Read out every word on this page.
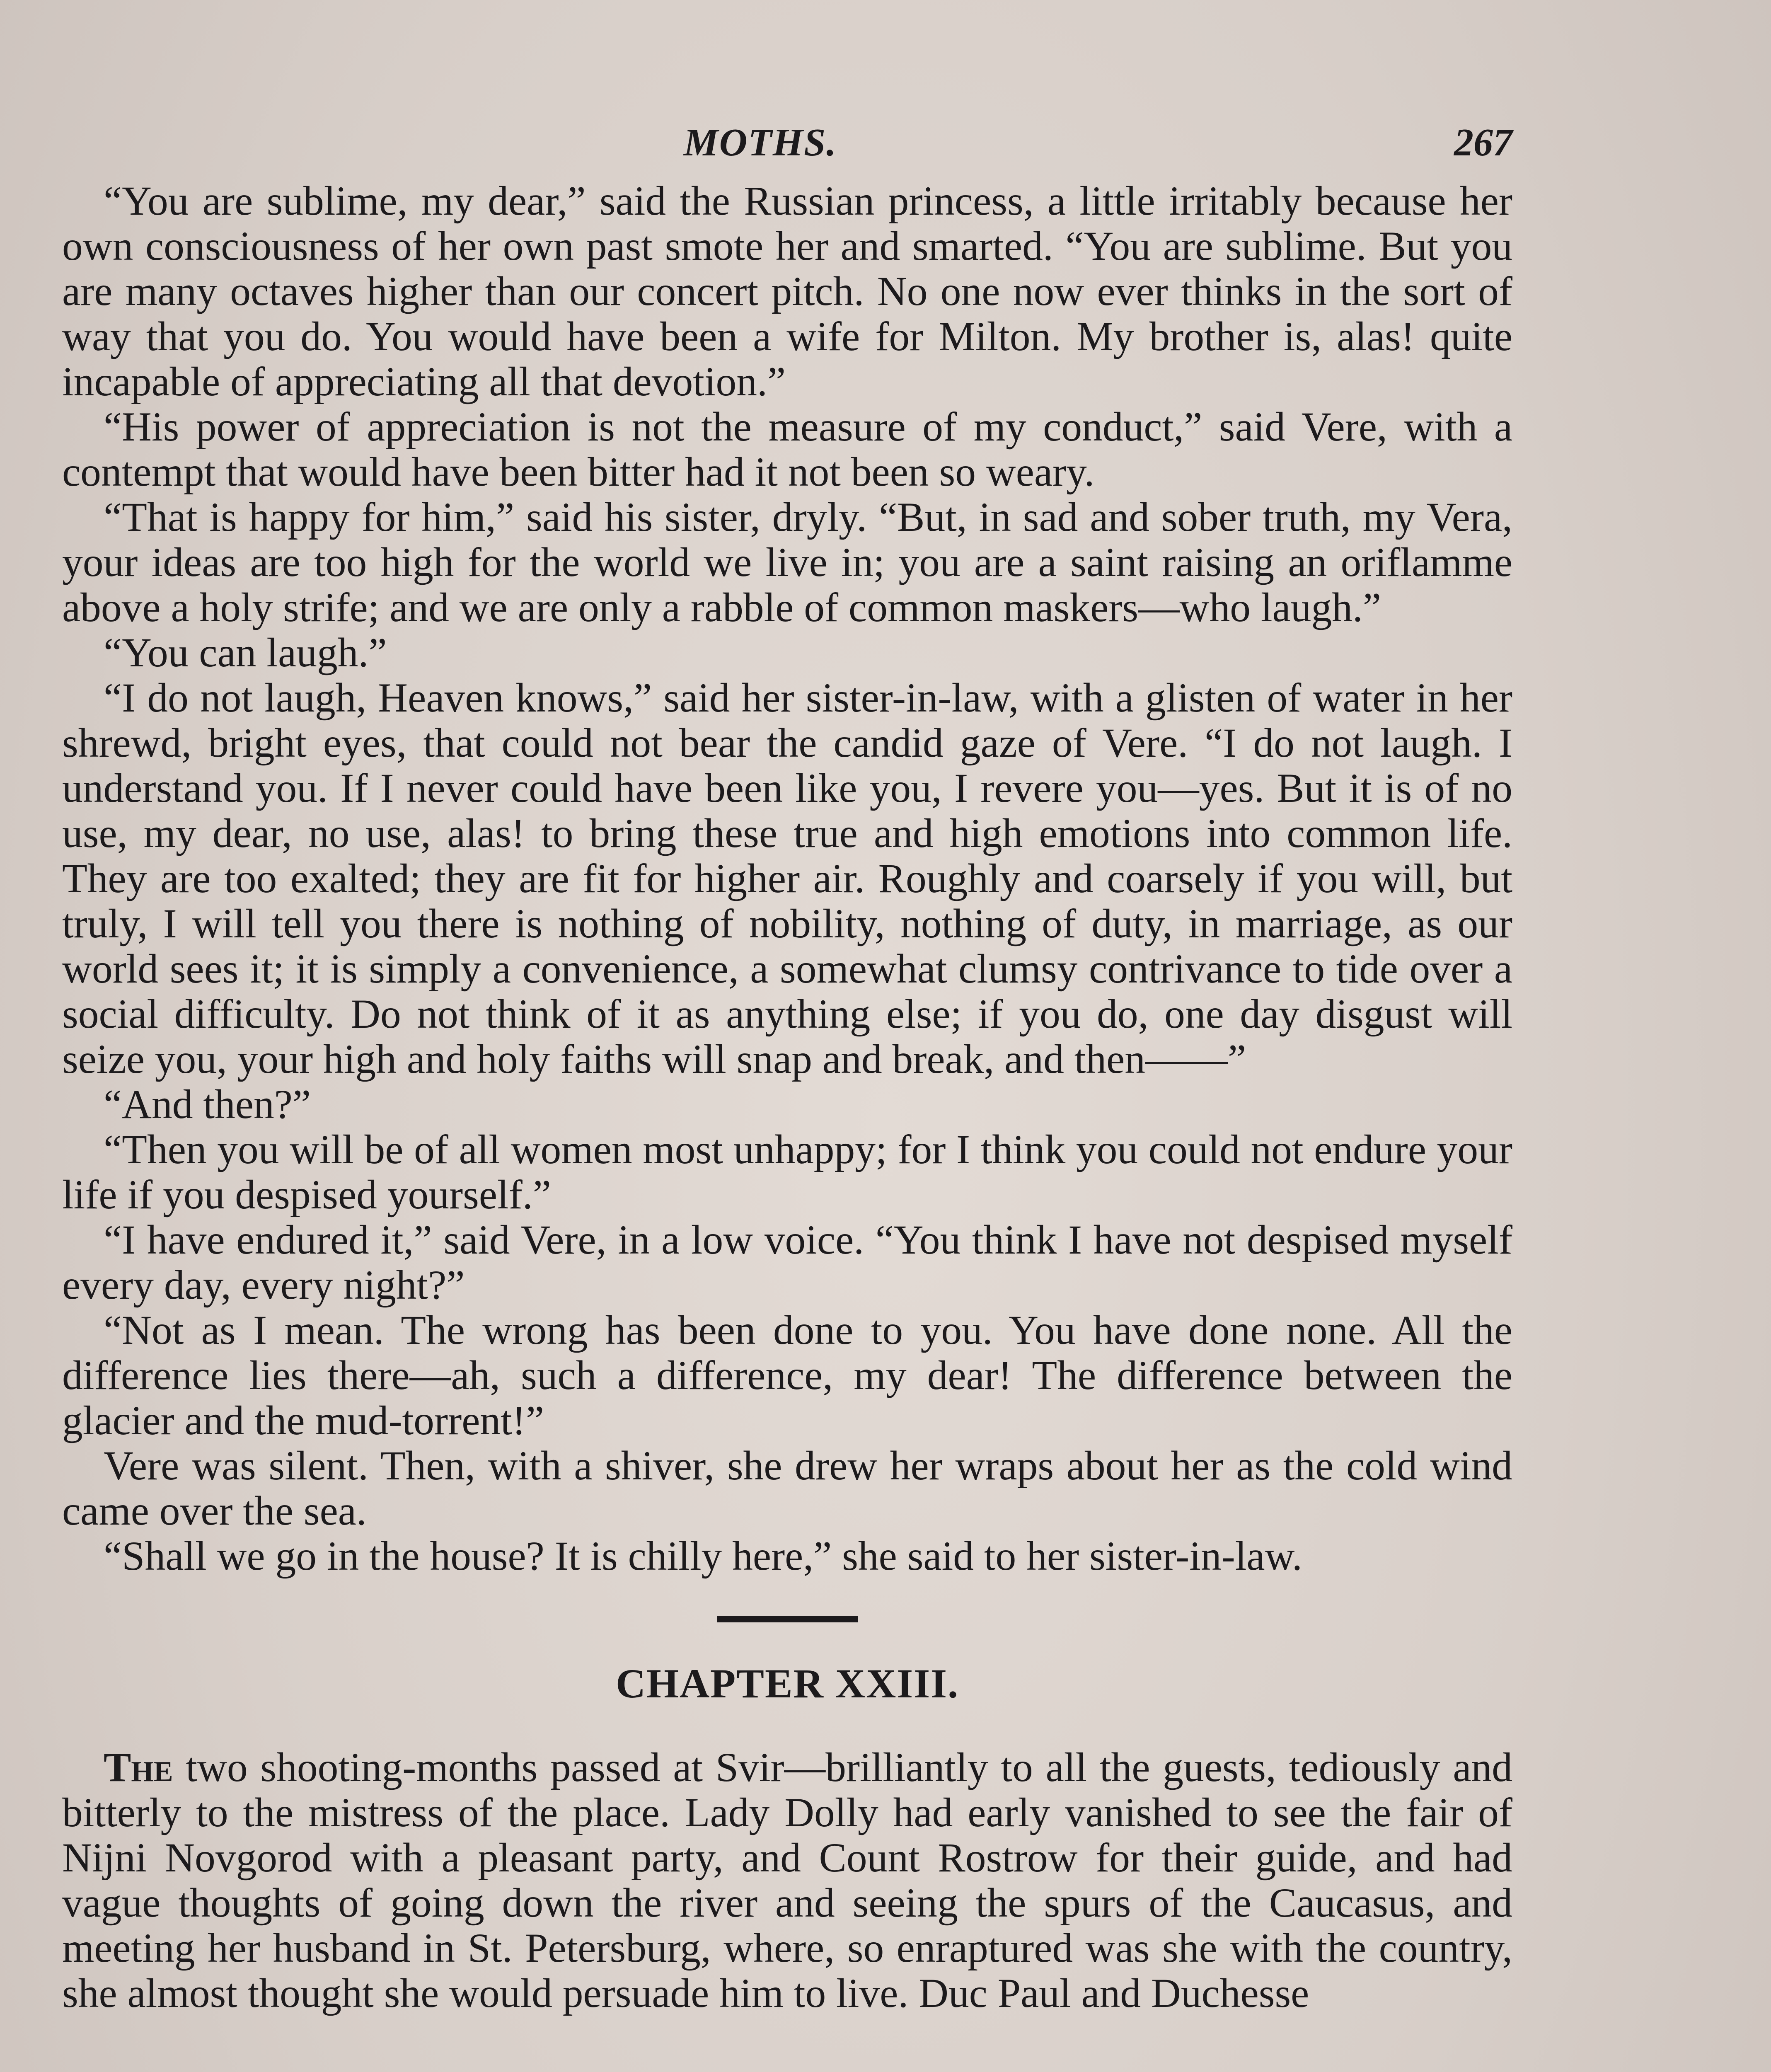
MOTHS.	267

“You are sublime, my dear,” said the Russian princess, a little irritably because her own consciousness of her own past smote her and smarted. “You are sublime. But you are many octaves higher than our concert pitch. No one now ever thinks in the sort of way that you do. You would have been a wife for Milton. My brother is, alas! quite incapable of appreciating all that devotion.”

“His power of appreciation is not the measure of my conduct,” said Vere, with a contempt that would have been bitter had it not been so weary.

“That is happy for him,” said his sister, dryly. “But, in sad and sober truth, my Vera, your ideas are too high for the world we live in; you are a saint raising an oriflamme above a holy strife; and we are only a rabble of common maskers—who laugh.”

“You can laugh.”

“I do not laugh, Heaven knows,” said her sister-in-law, with a glisten of water in her shrewd, bright eyes, that could not bear the candid gaze of Vere. “I do not laugh. I understand you. If I never could have been like you, I revere you—yes. But it is of no use, my dear, no use, alas! to bring these true and high emotions into common life. They are too exalted; they are fit for higher air. Roughly and coarsely if you will, but truly, I will tell you there is nothing of nobility, nothing of duty, in marriage, as our world sees it; it is simply a convenience, a somewhat clumsy contrivance to tide over a social difficulty. Do not think of it as anything else; if you do, one day disgust will seize you, your high and holy faiths will snap and break, and then——”

“And then?”

“Then you will be of all women most unhappy; for I think you could not endure your life if you despised yourself.”

“I have endured it,” said Vere, in a low voice. “You think I have not despised myself every day, every night?”

“Not as I mean. The wrong has been done to you. You have done none. All the difference lies there—ah, such a difference, my dear! The difference between the glacier and the mud-torrent!”

Vere was silent. Then, with a shiver, she drew her wraps about her as the cold wind came over the sea.

“Shall we go in the house? It is chilly here,” she said to her sister-in-law.

CHAPTER XXIII.

The two shooting-months passed at Svir—brilliantly to all the guests, tediously and bitterly to the mistress of the place. Lady Dolly had early vanished to see the fair of Nijni Novgorod with a pleasant party, and Count Rostrow for their guide, and had vague thoughts of going down the river and seeing the spurs of the Caucasus, and meeting her husband in St. Petersburg, where, so enraptured was she with the country, she almost thought she would persuade him to live. Duc Paul and Duchesse
